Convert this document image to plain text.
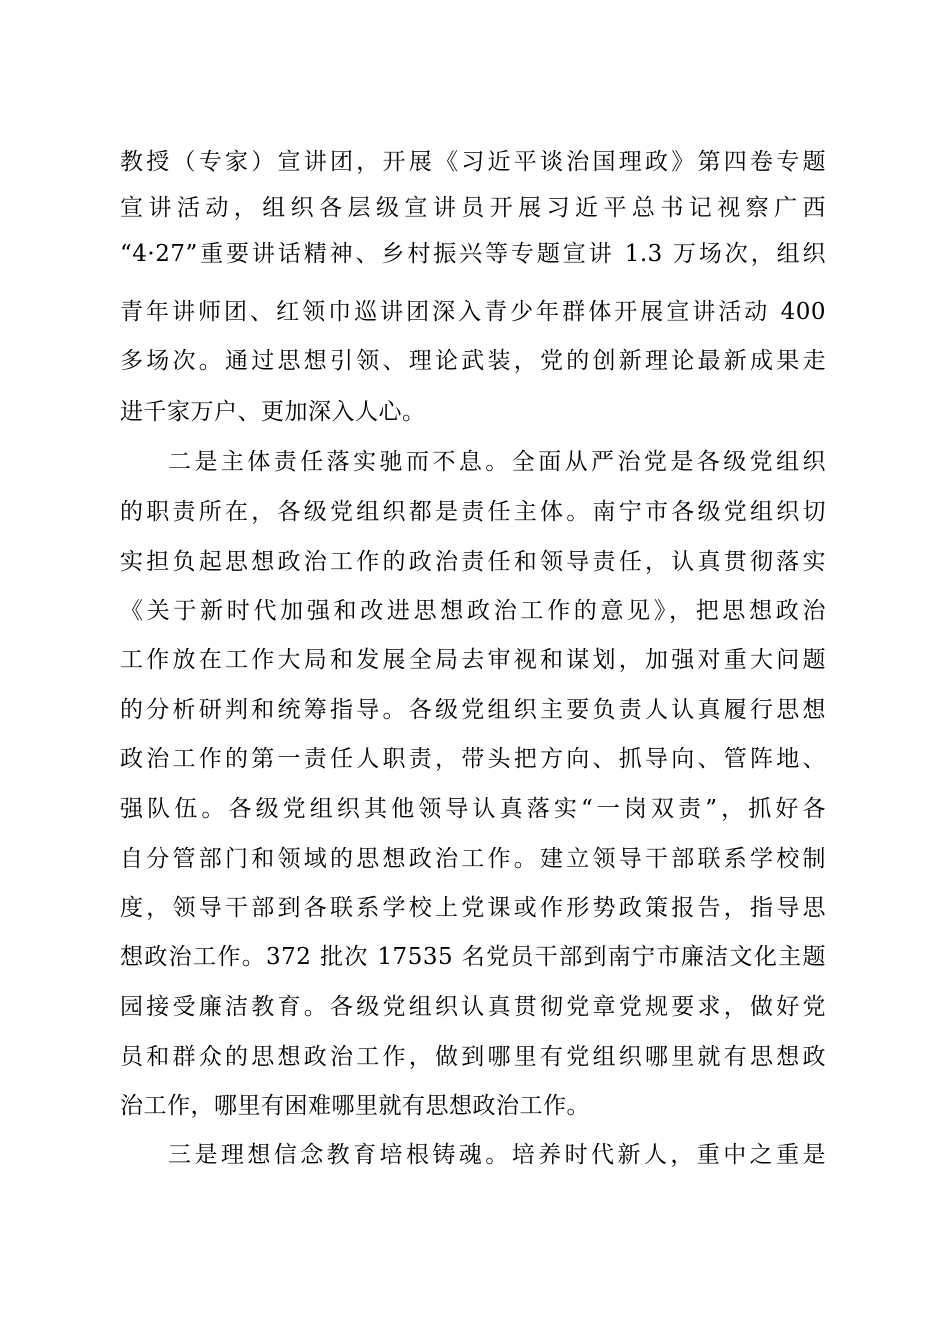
教授（专家）宣讲团，开展《习近平谈治国理政》第四卷专题
宣讲活动，组织各层级宣讲员开展习近平总书记视察广西
“4·27”重要讲话精神、乡村振兴等专题宣讲 1.3 万场次，组织
青年讲师团、红领巾巡讲团深入青少年群体开展宣讲活动 400
多场次。通过思想引领、理论武装，党的创新理论最新成果走
进千家万户、更加深入人心。
二是主体责任落实驰而不息。全面从严治党是各级党组织
的职责所在，各级党组织都是责任主体。南宁市各级党组织切
实担负起思想政治工作的政治责任和领导责任，认真贯彻落实
《关于新时代加强和改进思想政治工作的意见》，把思想政治
工作放在工作大局和发展全局去审视和谋划，加强对重大问题
的分析研判和统筹指导。各级党组织主要负责人认真履行思想
政治工作的第一责任人职责，带头把方向、抓导向、管阵地、
强队伍。各级党组织其他领导认真落实“一岗双责”，抓好各
自分管部门和领域的思想政治工作。建立领导干部联系学校制
度，领导干部到各联系学校上党课或作形势政策报告，指导思
想政治工作。372 批次 17535 名党员干部到南宁市廉洁文化主题
园接受廉洁教育。各级党组织认真贯彻党章党规要求，做好党
员和群众的思想政治工作，做到哪里有党组织哪里就有思想政
治工作，哪里有困难哪里就有思想政治工作。
三是理想信念教育培根铸魂。培养时代新人，重中之重是
